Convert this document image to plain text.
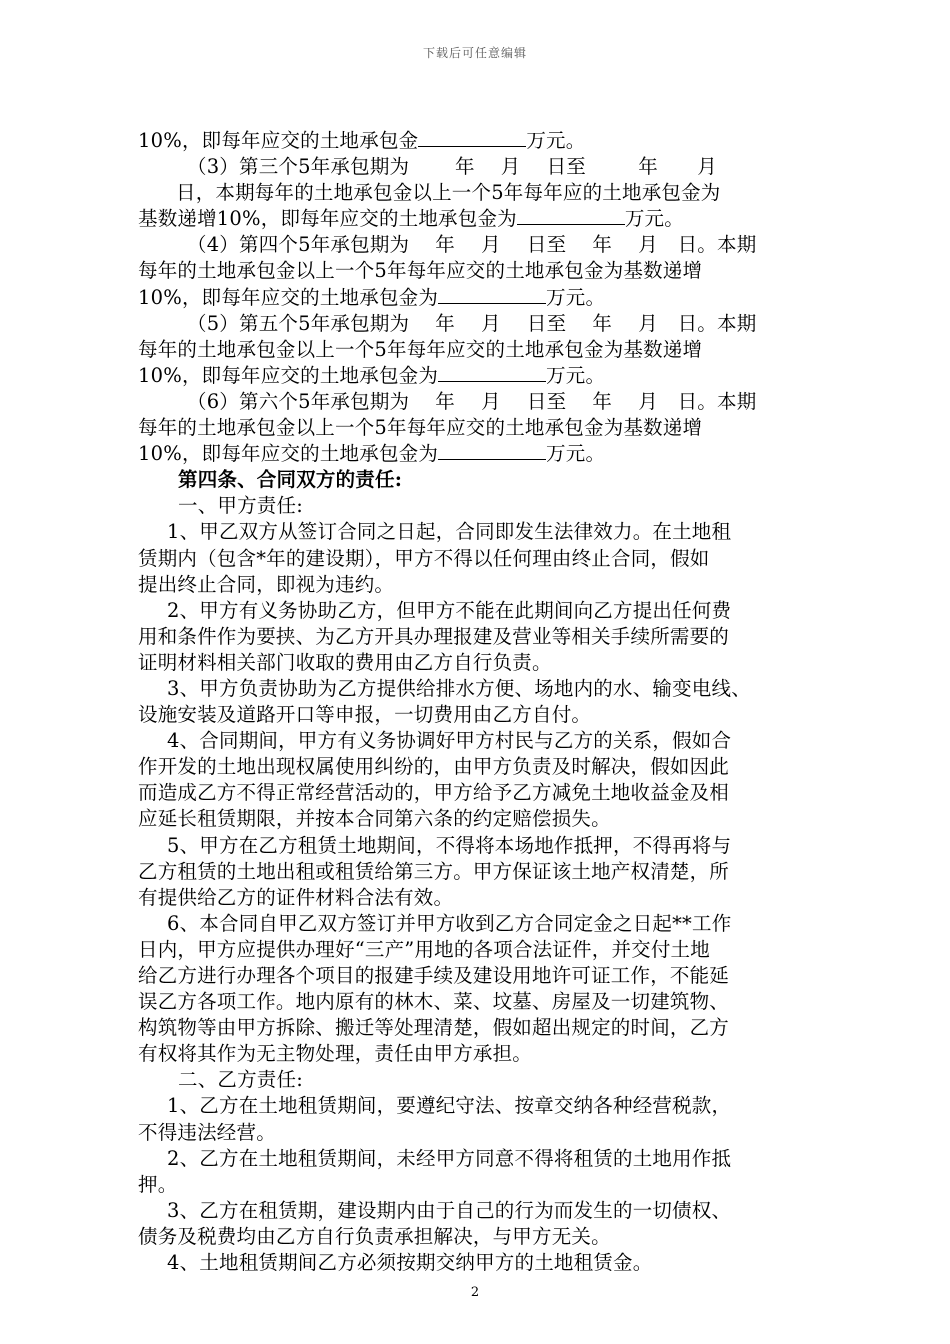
下载后可任意编辑
10%，即每年应交的土地承包金	万元。
（3）第三个5年承包期为　 　年　 月　 日至　 　 年　　月
日，本期每年的土地承包金以上一个5年每年应的土地承包金为
基数递增10%，即每年应交的土地承包金为	万元。
（4）第四个5年承包期为　 年　 月　 日至　 年　 月　日。本期
每年的土地承包金以上一个5年每年应交的土地承包金为基数递增
10%，即每年应交的土地承包金为	万元。
（5）第五个5年承包期为　 年　 月　 日至　 年　 月　日。本期
每年的土地承包金以上一个5年每年应交的土地承包金为基数递增
10%，即每年应交的土地承包金为	万元。
（6）第六个5年承包期为　 年　 月　 日至　 年　 月　日。本期
每年的土地承包金以上一个5年每年应交的土地承包金为基数递增
10%，即每年应交的土地承包金为	万元。
第四条、合同双方的责任:
一、甲方责任:
1、甲乙双方从签订合同之日起，合同即发生法律效力。在土地租
赁期内（包含*年的建设期），甲方不得以任何理由终止合同，假如
提出终止合同，即视为违约。
2、甲方有义务协助乙方，但甲方不能在此期间向乙方提出任何费
用和条件作为要挟、为乙方开具办理报建及营业等相关手续所需要的
证明材料相关部门收取的费用由乙方自行负责。
3、甲方负责协助为乙方提供给排水方便、场地内的水、输变电线、
设施安装及道路开口等申报，一切费用由乙方自付。
4、合同期间，甲方有义务协调好甲方村民与乙方的关系，假如合
作开发的土地出现权属使用纠纷的，由甲方负责及时解决，假如因此
而造成乙方不得正常经营活动的，甲方给予乙方减免土地收益金及相
应延长租赁期限，并按本合同第六条的约定赔偿损失。
5、甲方在乙方租赁土地期间，不得将本场地作抵押，不得再将与
乙方租赁的土地出租或租赁给第三方。甲方保证该土地产权清楚，所
有提供给乙方的证件材料合法有效。
6、本合同自甲乙双方签订并甲方收到乙方合同定金之日起**工作
日内，甲方应提供办理好“三产”用地的各项合法证件，并交付土地
给乙方进行办理各个项目的报建手续及建设用地许可证工作，不能延
误乙方各项工作。地内原有的林木、菜、坟墓、房屋及一切建筑物、
构筑物等由甲方拆除、搬迁等处理清楚，假如超出规定的时间，乙方
有权将其作为无主物处理，责任由甲方承担。
二、乙方责任:
1、乙方在土地租赁期间，要遵纪守法、按章交纳各种经营税款，
不得违法经营。
2、乙方在土地租赁期间，未经甲方同意不得将租赁的土地用作抵
押。
3、乙方在租赁期，建设期内由于自己的行为而发生的一切债权、
债务及税费均由乙方自行负责承担解决，与甲方无关。
4、土地租赁期间乙方必须按期交纳甲方的土地租赁金。
2
